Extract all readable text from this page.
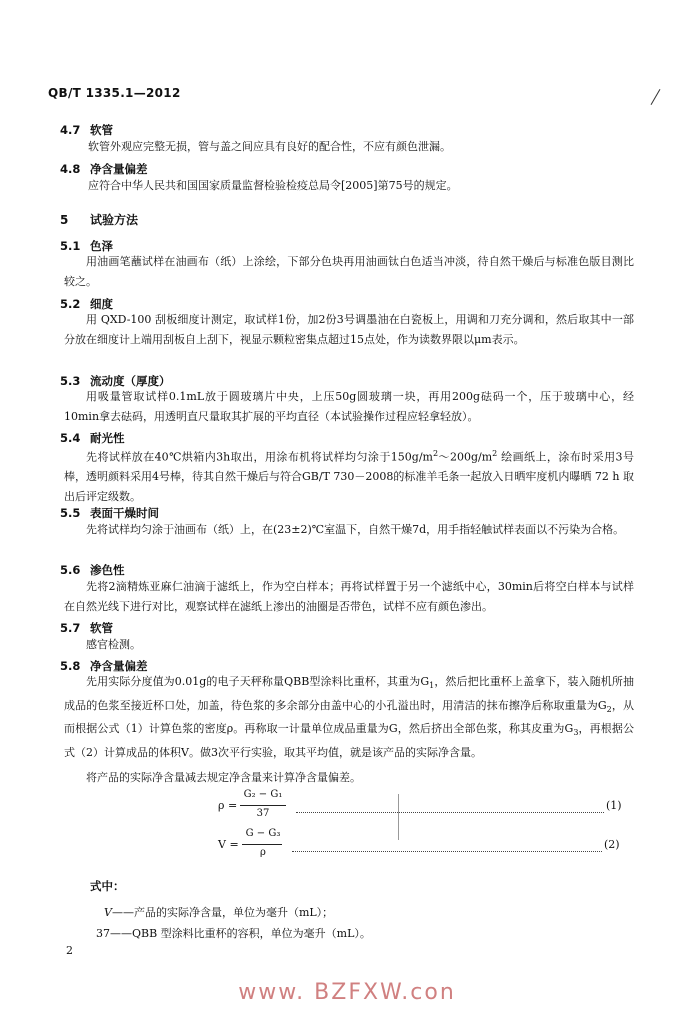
QB/T 1335.1—2012
4.7 软管
软管外观应完整无损，管与盖之间应具有良好的配合性，不应有颜色泄漏。
4.8 净含量偏差
应符合中华人民共和国国家质量监督检验检疫总局令[2005]第75号的规定。
5 试验方法
5.1 色泽
用油画笔蘸试样在油画布（纸）上涂绘，下部分色块再用油画钛白色适当冲淡，待自然干燥后与标准色版目测比较之。
5.2 细度
用 QXD-100 刮板细度计测定，取试样1份，加2份3号调墨油在白瓷板上，用调和刀充分调和，然后取其中一部分放在细度计上端用刮板自上刮下，视显示颗粒密集点超过15点处，作为读数界限以μm表示。
5.3 流动度（厚度）
用吸量管取试样0.1mL放于圆玻璃片中央，上压50g圆玻璃一块，再用200g砝码一个，压于玻璃中心，经10min拿去砝码，用透明直尺量取其扩展的平均直径（本试验操作过程应轻拿轻放）。
5.4 耐光性
先将试样放在40℃烘箱内3h取出，用涂布机将试样均匀涂于$150g/m^2\sim 200g/m^2$ 绘画纸上，涂布时采用3号棒，透明颜料采用4号棒，待其自然干燥后与符合GB/T 730－2008的标准羊毛条一起放入日晒牢度机内曝晒 72 h 取出后评定级数。
5.5 表面干燥时间
先将试样均匀涂于油画布（纸）上，在(23±2)℃室温下，自然干燥7d，用手指轻触试样表面以不污染为合格。
5.6 渗色性
先将2滴精炼亚麻仁油滴于滤纸上，作为空白样本；再将试样置于另一个滤纸中心，30min后将空白样本与试样在自然光线下进行对比，观察试样在滤纸上渗出的油圈是否带色，试样不应有颜色渗出。
5.7 软管
感官检测。
5.8 净含量偏差
先用实际分度值为0.01g的电子天秤称量QBB型涂料比重杯，其重为$G_1$，然后把比重杯上盖拿下，装入随机所抽成品的色浆至接近杯口处，加盖，待色浆的多余部分由盖中心的小孔溢出时，用清洁的抹布擦净后称取重量为$G_2$，从而根据公式（1）计算色浆的密度ρ。再称取一计量单位成品重量为G，然后挤出全部色浆，称其皮重为$G_3$，再根据公式（2）计算成品的体积V。做3次平行实验，取其平均值，就是该产品的实际净含量。
将产品的实际净含量减去规定净含量来计算净含量偏差。
ρ =
G₂ − G₁
37
(1)
V =
G − G₃
ρ
(2)
式中：
V——产品的实际净含量，单位为毫升（mL）；
37——QBB 型涂料比重杯的容积，单位为毫升（mL）。
2
www. BZFXW.con
